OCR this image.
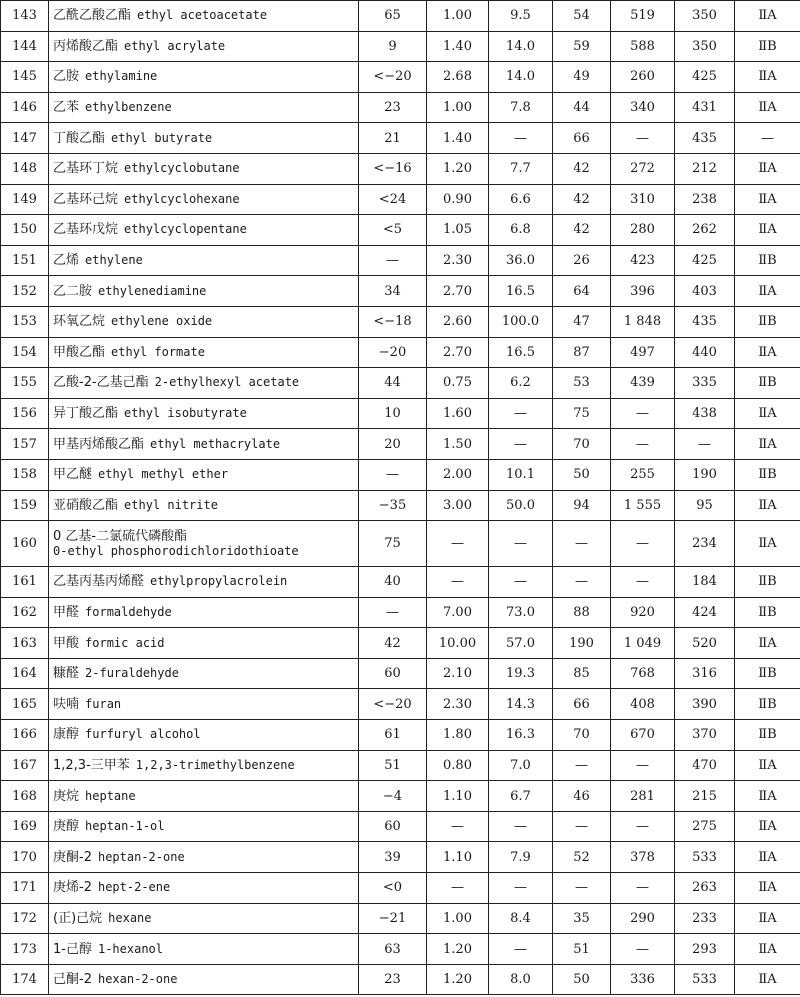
143	乙酰乙酸乙酯 ethyl acetoacetate	65	1.00	9.5	54	519	350	ⅡA
144	丙烯酸乙酯 ethyl acrylate	9	1.40	14.0	59	588	350	ⅡB
145	乙胺 ethylamine	<−20	2.68	14.0	49	260	425	ⅡA
146	乙苯 ethylbenzene	23	1.00	7.8	44	340	431	ⅡA
147	丁酸乙酯 ethyl butyrate	21	1.40	—	66	—	435	—
148	乙基环丁烷 ethylcyclobutane	<−16	1.20	7.7	42	272	212	ⅡA
149	乙基环己烷 ethylcyclohexane	<24	0.90	6.6	42	310	238	ⅡA
150	乙基环戊烷 ethylcyclopentane	<5	1.05	6.8	42	280	262	ⅡA
151	乙烯 ethylene	—	2.30	36.0	26	423	425	ⅡB
152	乙二胺 ethylenediamine	34	2.70	16.5	64	396	403	ⅡA
153	环氧乙烷 ethylene oxide	<−18	2.60	100.0	47	1 848	435	ⅡB
154	甲酸乙酯 ethyl formate	−20	2.70	16.5	87	497	440	ⅡA
155	乙酸-2-乙基己酯 2-ethylhexyl acetate	44	0.75	6.2	53	439	335	ⅡB
156	异丁酸乙酯 ethyl isobutyrate	10	1.60	—	75	—	438	ⅡA
157	甲基丙烯酸乙酯 ethyl methacrylate	20	1.50	—	70	—	—	ⅡA
158	甲乙醚 ethyl methyl ether	—	2.00	10.1	50	255	190	ⅡB
159	亚硝酸乙酯 ethyl nitrite	−35	3.00	50.0	94	1 555	95	ⅡA
160	0 乙基-二氯硫代磷酸酯
0-ethyl phosphorodichloridothioate	75	—	—	—	—	234	ⅡA
161	乙基丙基丙烯醛 ethylpropylacrolein	40	—	—	—	—	184	ⅡB
162	甲醛 formaldehyde	—	7.00	73.0	88	920	424	ⅡB
163	甲酸 formic acid	42	10.00	57.0	190	1 049	520	ⅡA
164	糠醛 2-furaldehyde	60	2.10	19.3	85	768	316	ⅡB
165	呋喃 furan	<−20	2.30	14.3	66	408	390	ⅡB
166	康醇 furfuryl alcohol	61	1.80	16.3	70	670	370	ⅡB
167	1,2,3-三甲苯 1,2,3-trimethylbenzene	51	0.80	7.0	—	—	470	ⅡA
168	庚烷 heptane	−4	1.10	6.7	46	281	215	ⅡA
169	庚醇 heptan-1-ol	60	—	—	—	—	275	ⅡA
170	庚酮-2 heptan-2-one	39	1.10	7.9	52	378	533	ⅡA
171	庚烯-2 hept-2-ene	<0	—	—	—	—	263	ⅡA
172	(正)己烷 hexane	−21	1.00	8.4	35	290	233	ⅡA
173	1-己醇 1-hexanol	63	1.20	—	51	—	293	ⅡA
174	己酮-2 hexan-2-one	23	1.20	8.0	50	336	533	ⅡA
